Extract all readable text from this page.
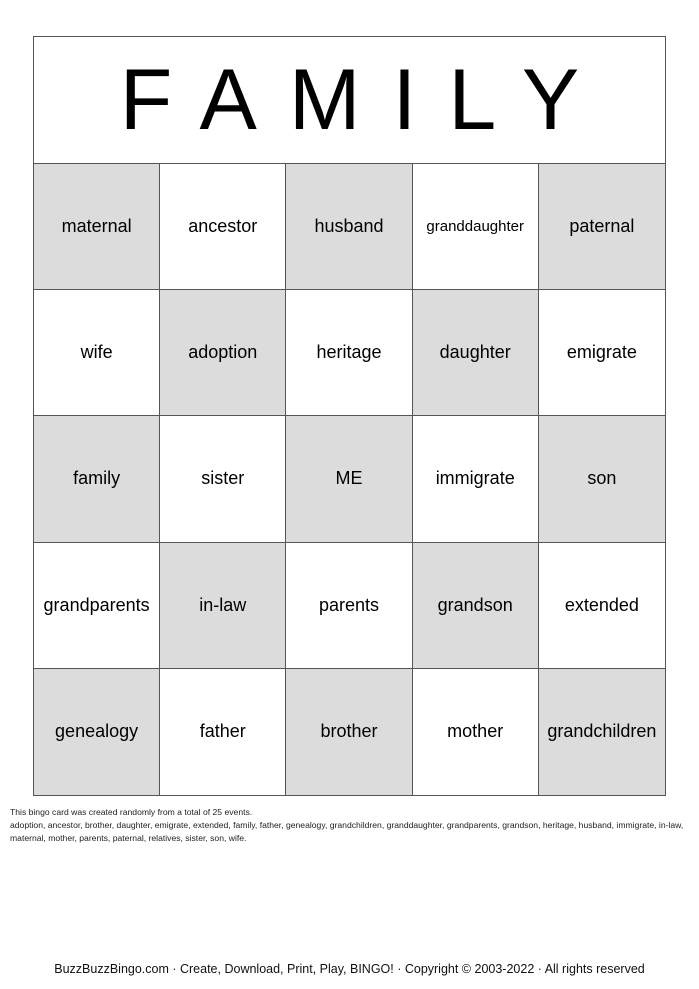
FAMILY
maternal	ancestor	husband	granddaughter	paternal
wife	adoption	heritage	daughter	emigrate
family	sister	ME	immigrate	son
grandparents	in-law	parents	grandson	extended
genealogy	father	brother	mother	grandchildren
This bingo card was created randomly from a total of 25 events.
adoption, ancestor, brother, daughter, emigrate, extended, family, father, genealogy, grandchildren, granddaughter, grandparents, grandson, heritage, husband, immigrate, in-law, maternal, mother, parents, paternal, relatives, sister, son, wife.
BuzzBuzzBingo.com · Create, Download, Print, Play, BINGO! · Copyright © 2003-2022 · All rights reserved
